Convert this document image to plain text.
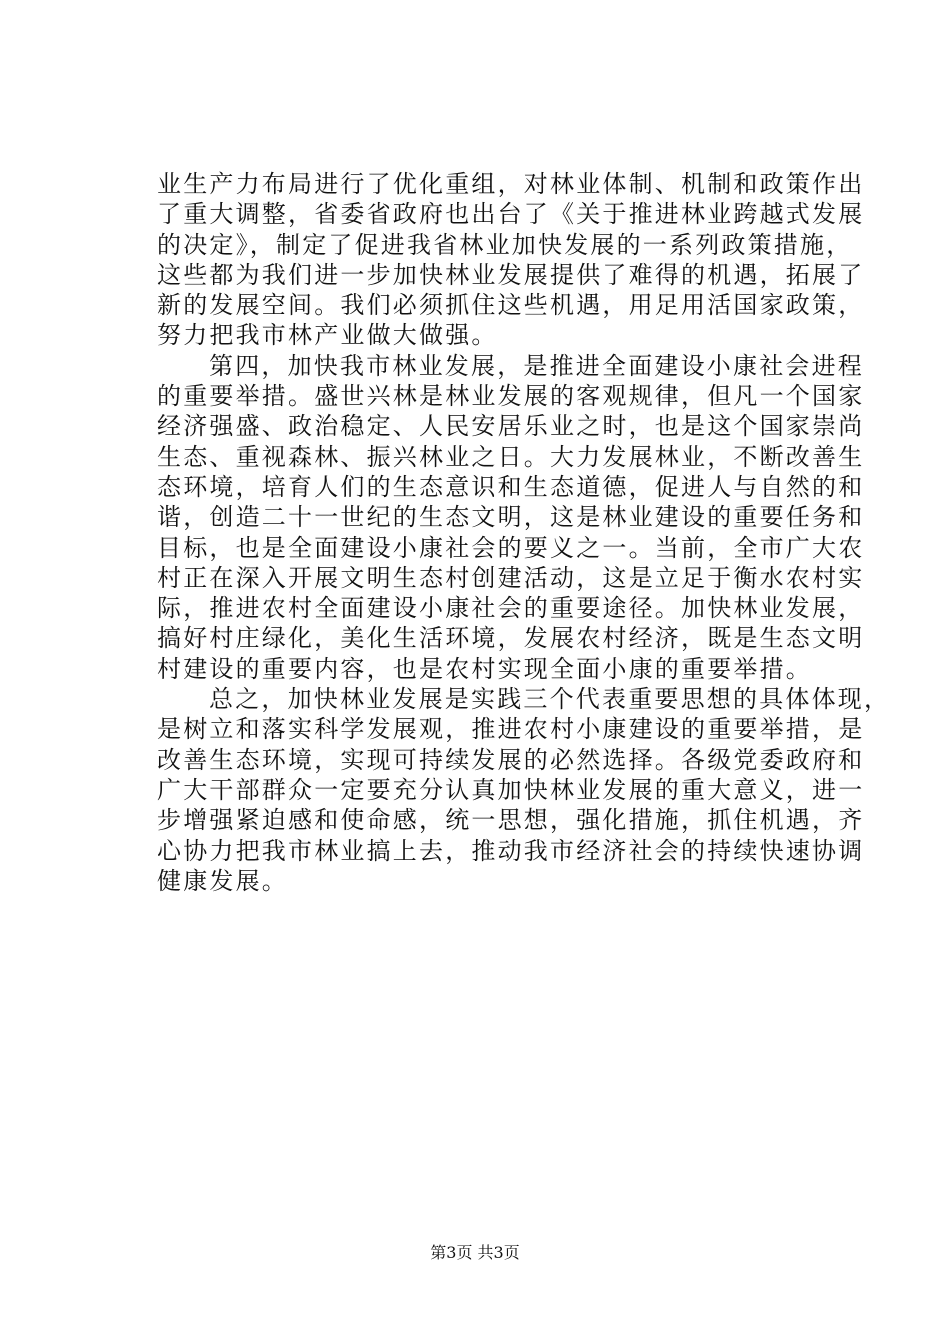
业生产力布局进行了优化重组，对林业体制、机制和政策作出
了重大调整，省委省政府也出台了《关于推进林业跨越式发展
的决定》，制定了促进我省林业加快发展的一系列政策措施，
这些都为我们进一步加快林业发展提供了难得的机遇，拓展了
新的发展空间。我们必须抓住这些机遇，用足用活国家政策，
努力把我市林产业做大做强。
第四，加快我市林业发展，是推进全面建设小康社会进程
的重要举措。盛世兴林是林业发展的客观规律，但凡一个国家
经济强盛、政治稳定、人民安居乐业之时，也是这个国家崇尚
生态、重视森林、振兴林业之日。大力发展林业，不断改善生
态环境，培育人们的生态意识和生态道德，促进人与自然的和
谐，创造二十一世纪的生态文明，这是林业建设的重要任务和
目标，也是全面建设小康社会的要义之一。当前，全市广大农
村正在深入开展文明生态村创建活动，这是立足于衡水农村实
际，推进农村全面建设小康社会的重要途径。加快林业发展，
搞好村庄绿化，美化生活环境，发展农村经济，既是生态文明
村建设的重要内容，也是农村实现全面小康的重要举措。
总之，加快林业发展是实践三个代表重要思想的具体体现，
是树立和落实科学发展观，推进农村小康建设的重要举措，是
改善生态环境，实现可持续发展的必然选择。各级党委政府和
广大干部群众一定要充分认真加快林业发展的重大意义，进一
步增强紧迫感和使命感，统一思想，强化措施，抓住机遇，齐
心协力把我市林业搞上去，推动我市经济社会的持续快速协调
健康发展。
第3页 共3页
